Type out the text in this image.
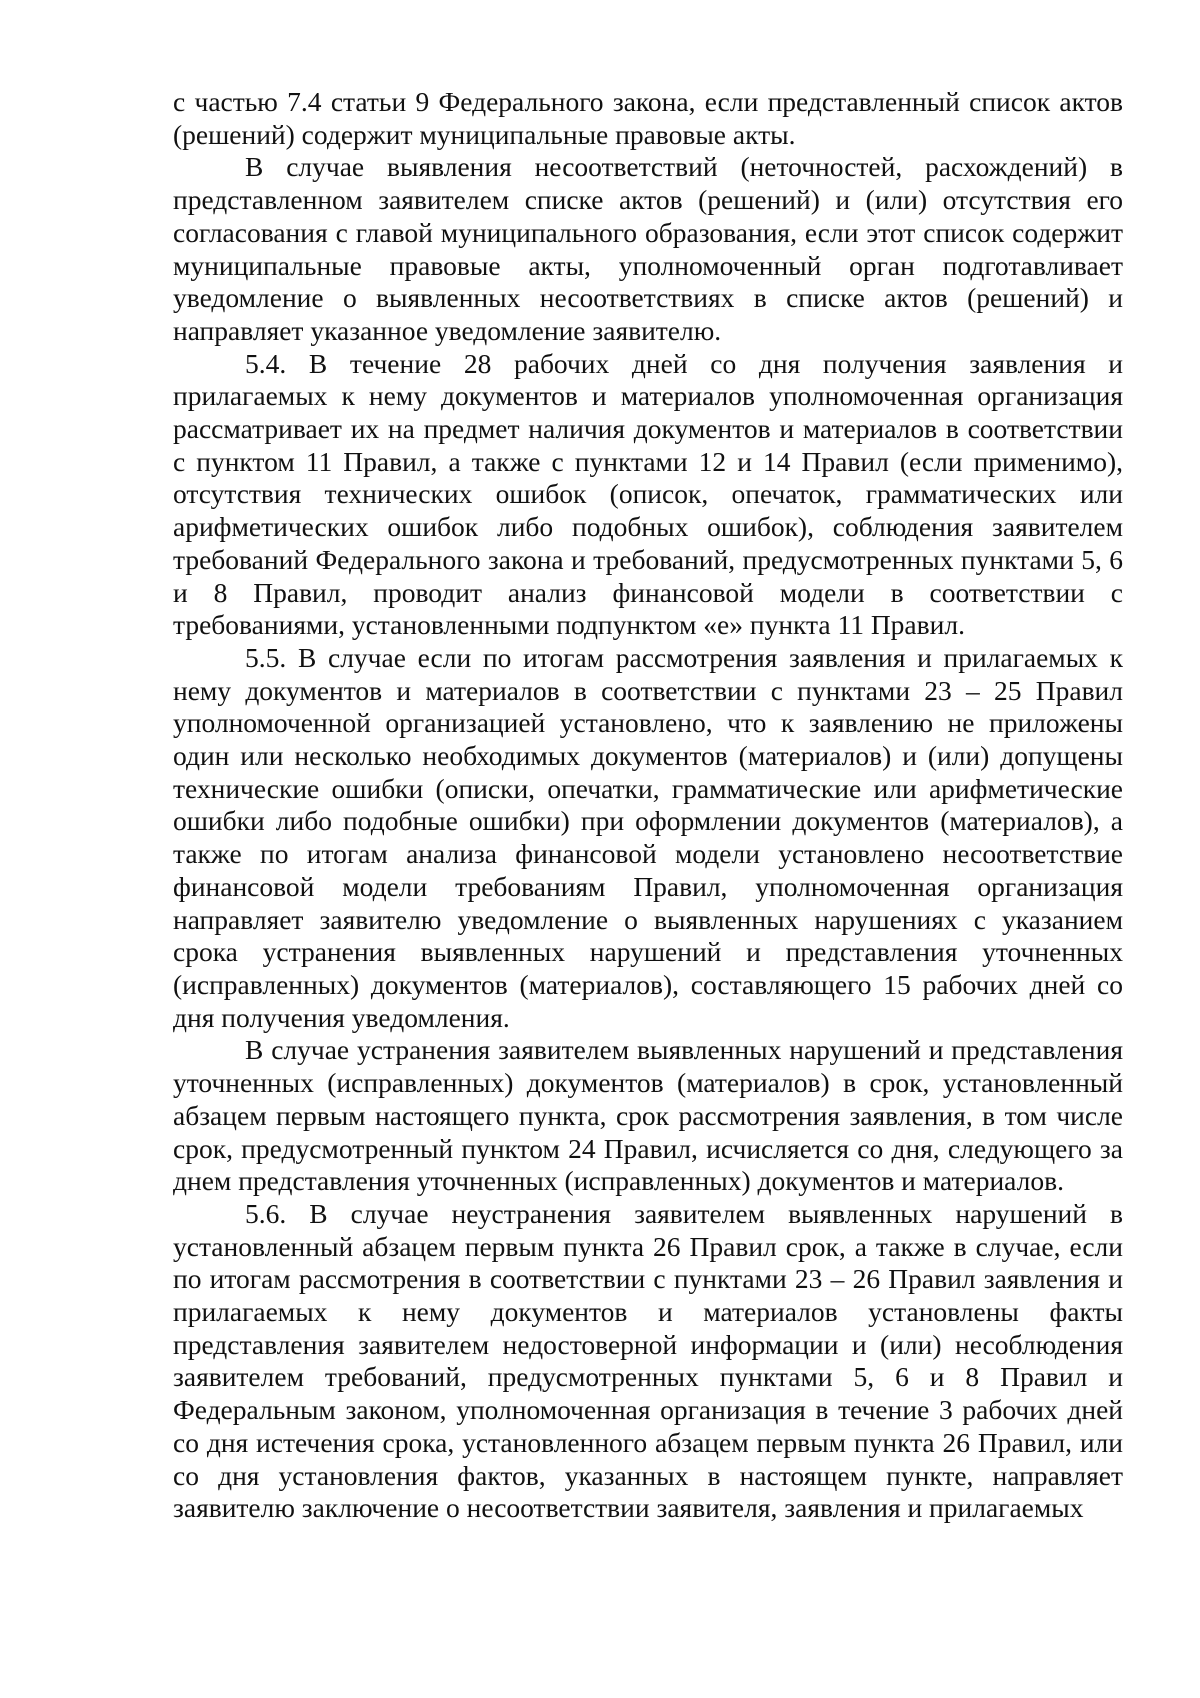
с частью 7.4 статьи 9 Федерального закона, если представленный список актов (решений) содержит муниципальные правовые акты.

В случае выявления несоответствий (неточностей, расхождений) в представленном заявителем списке актов (решений) и (или) отсутствия его согласования с главой муниципального образования, если этот список содержит муниципальные правовые акты, уполномоченный орган подготавливает уведомление о выявленных несоответствиях в списке актов (решений) и направляет указанное уведомление заявителю.

5.4. В течение 28 рабочих дней со дня получения заявления и прилагаемых к нему документов и материалов уполномоченная организация рассматривает их на предмет наличия документов и материалов в соответствии с пунктом 11 Правил, а также с пунктами 12 и 14 Правил (если применимо), отсутствия технических ошибок (описок, опечаток, грамматических или арифметических ошибок либо подобных ошибок), соблюдения заявителем требований Федерального закона и требований, предусмотренных пунктами 5, 6 и 8 Правил, проводит анализ финансовой модели в соответствии с требованиями, установленными подпунктом «е» пункта 11 Правил.

5.5. В случае если по итогам рассмотрения заявления и прилагаемых к нему документов и материалов в соответствии с пунктами 23 – 25 Правил уполномоченной организацией установлено, что к заявлению не приложены один или несколько необходимых документов (материалов) и (или) допущены технические ошибки (описки, опечатки, грамматические или арифметические ошибки либо подобные ошибки) при оформлении документов (материалов), а также по итогам анализа финансовой модели установлено несоответствие финансовой модели требованиям Правил, уполномоченная организация направляет заявителю уведомление о выявленных нарушениях с указанием срока устранения выявленных нарушений и представления уточненных (исправленных) документов (материалов), составляющего 15 рабочих дней со дня получения уведомления.

В случае устранения заявителем выявленных нарушений и представления уточненных (исправленных) документов (материалов) в срок, установленный абзацем первым настоящего пункта, срок рассмотрения заявления, в том числе срок, предусмотренный пунктом 24 Правил, исчисляется со дня, следующего за днем представления уточненных (исправленных) документов и материалов.

5.6. В случае неустранения заявителем выявленных нарушений в установленный абзацем первым пункта 26 Правил срок, а также в случае, если по итогам рассмотрения в соответствии с пунктами 23 – 26 Правил заявления и прилагаемых к нему документов и материалов установлены факты представления заявителем недостоверной информации и (или) несоблюдения заявителем требований, предусмотренных пунктами 5, 6 и 8 Правил и Федеральным законом, уполномоченная организация в течение 3 рабочих дней со дня истечения срока, установленного абзацем первым пункта 26 Правил, или со дня установления фактов, указанных в настоящем пункте, направляет заявителю заключение о несоответствии заявителя, заявления и прилагаемых
